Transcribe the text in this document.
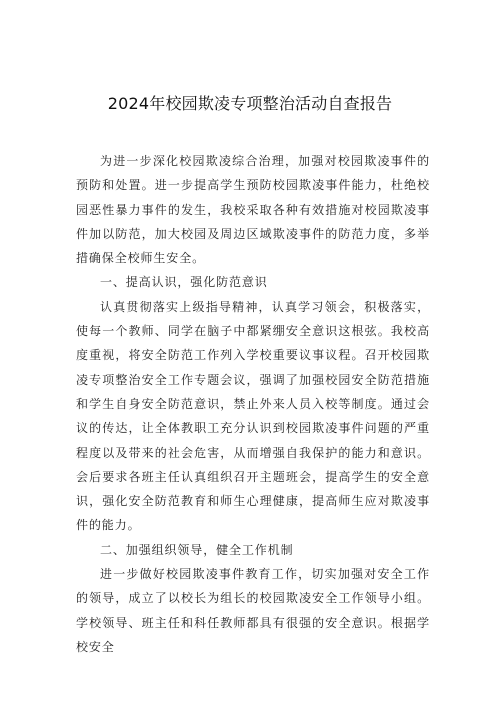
2024年校园欺凌专项整治活动自查报告

为进一步深化校园欺凌综合治理，加强对校园欺凌事件的预防和处置。进一步提高学生预防校园欺凌事件能力，杜绝校园恶性暴力事件的发生，我校采取各种有效措施对校园欺凌事件加以防范，加大校园及周边区域欺凌事件的防范力度，多举措确保全校师生安全。

一、提高认识，强化防范意识

认真贯彻落实上级指导精神，认真学习领会，积极落实，使每一个教师、同学在脑子中都紧绷安全意识这根弦。我校高度重视，将安全防范工作列入学校重要议事议程。召开校园欺凌专项整治安全工作专题会议，强调了加强校园安全防范措施和学生自身安全防范意识，禁止外来人员入校等制度。通过会议的传达，让全体教职工充分认识到校园欺凌事件问题的严重程度以及带来的社会危害，从而增强自我保护的能力和意识。会后要求各班主任认真组织召开主题班会，提高学生的安全意识，强化安全防范教育和师生心理健康，提高师生应对欺凌事件的能力。

二、加强组织领导，健全工作机制

进一步做好校园欺凌事件教育工作，切实加强对安全工作的领导，成立了以校长为组长的校园欺凌安全工作领导小组。学校领导、班主任和科任教师都具有很强的安全意识。根据学校安全
